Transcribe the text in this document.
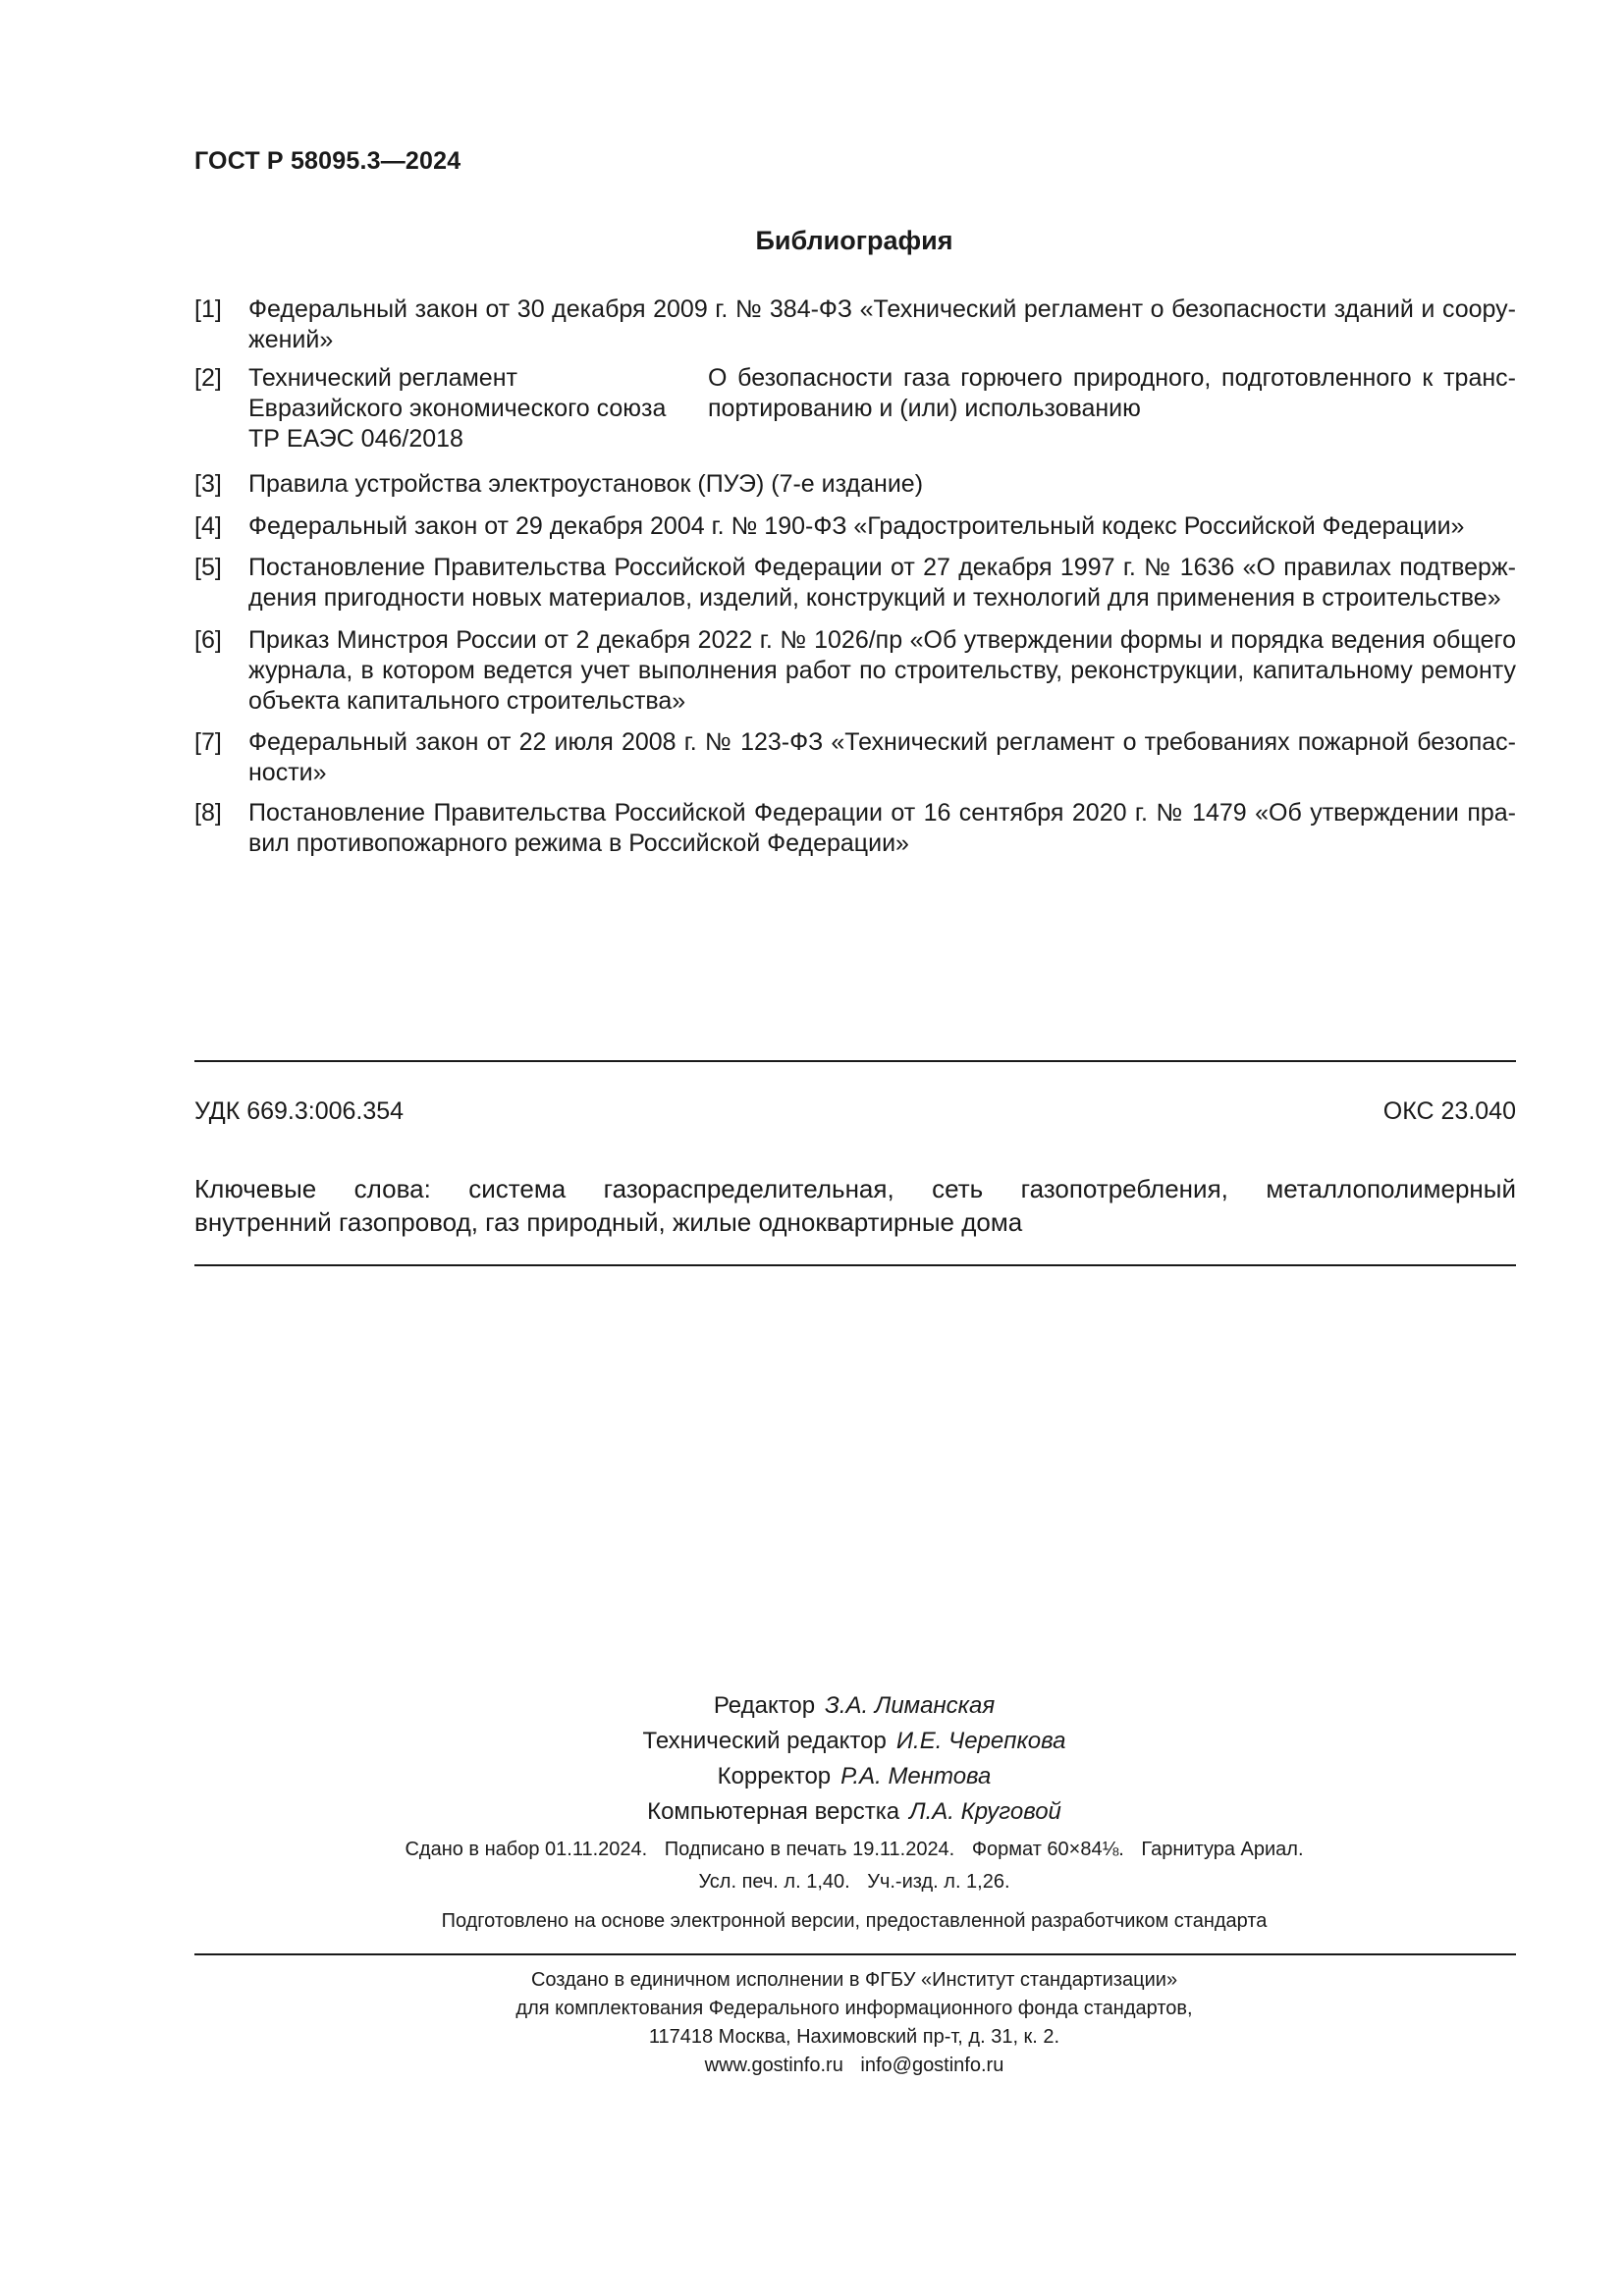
ГОСТ Р 58095.3—2024
Библиография
[1] Федеральный закон от 30 декабря 2009 г. № 384-ФЗ «Технический регламент о безопасности зданий и соору-
жений»
[2] Технический регламент
Евразийского экономического союза
ТР ЕАЭС 046/2018
О безопасности газа горючего природного, подготовленного к транс-
портированию и (или) использованию
[3] Правила устройства электроустановок (ПУЭ) (7-е издание)
[4] Федеральный закон от 29 декабря 2004 г. № 190-ФЗ «Градостроительный кодекс Российской Федерации»
[5] Постановление Правительства Российской Федерации от 27 декабря 1997 г. № 1636 «О правилах подтверж-
дения пригодности новых материалов, изделий, конструкций и технологий для применения в строительстве»
[6] Приказ Минстроя России от 2 декабря 2022 г. № 1026/пр «Об утверждении формы и порядка ведения общего
журнала, в котором ведется учет выполнения работ по строительству, реконструкции, капитальному ремонту
объекта капитального строительства»
[7] Федеральный закон от 22 июля 2008 г. № 123-ФЗ «Технический регламент о требованиях пожарной безопас-
ности»
[8] Постановление Правительства Российской Федерации от 16 сентября 2020 г. № 1479 «Об утверждении пра-
вил противопожарного режима в Российской Федерации»
УДК 669.3:006.354	ОКС 23.040
Ключевые слова: система газораспределительная, сеть газопотребления, металлополимерный
внутренний газопровод, газ природный, жилые одноквартирные дома
Редактор З.А. Лиманская
Технический редактор И.Е. Черепкова
Корректор Р.А. Ментова
Компьютерная верстка Л.А. Круговой
Сдано в набор 01.11.2024. Подписано в печать 19.11.2024. Формат 60×84⅛. Гарнитура Ариал.
Усл. печ. л. 1,40. Уч.-изд. л. 1,26.
Подготовлено на основе электронной версии, предоставленной разработчиком стандарта
Создано в единичном исполнении в ФГБУ «Институт стандартизации»
для комплектования Федерального информационного фонда стандартов,
117418 Москва, Нахимовский пр-т, д. 31, к. 2.
www.gostinfo.ru info@gostinfo.ru
